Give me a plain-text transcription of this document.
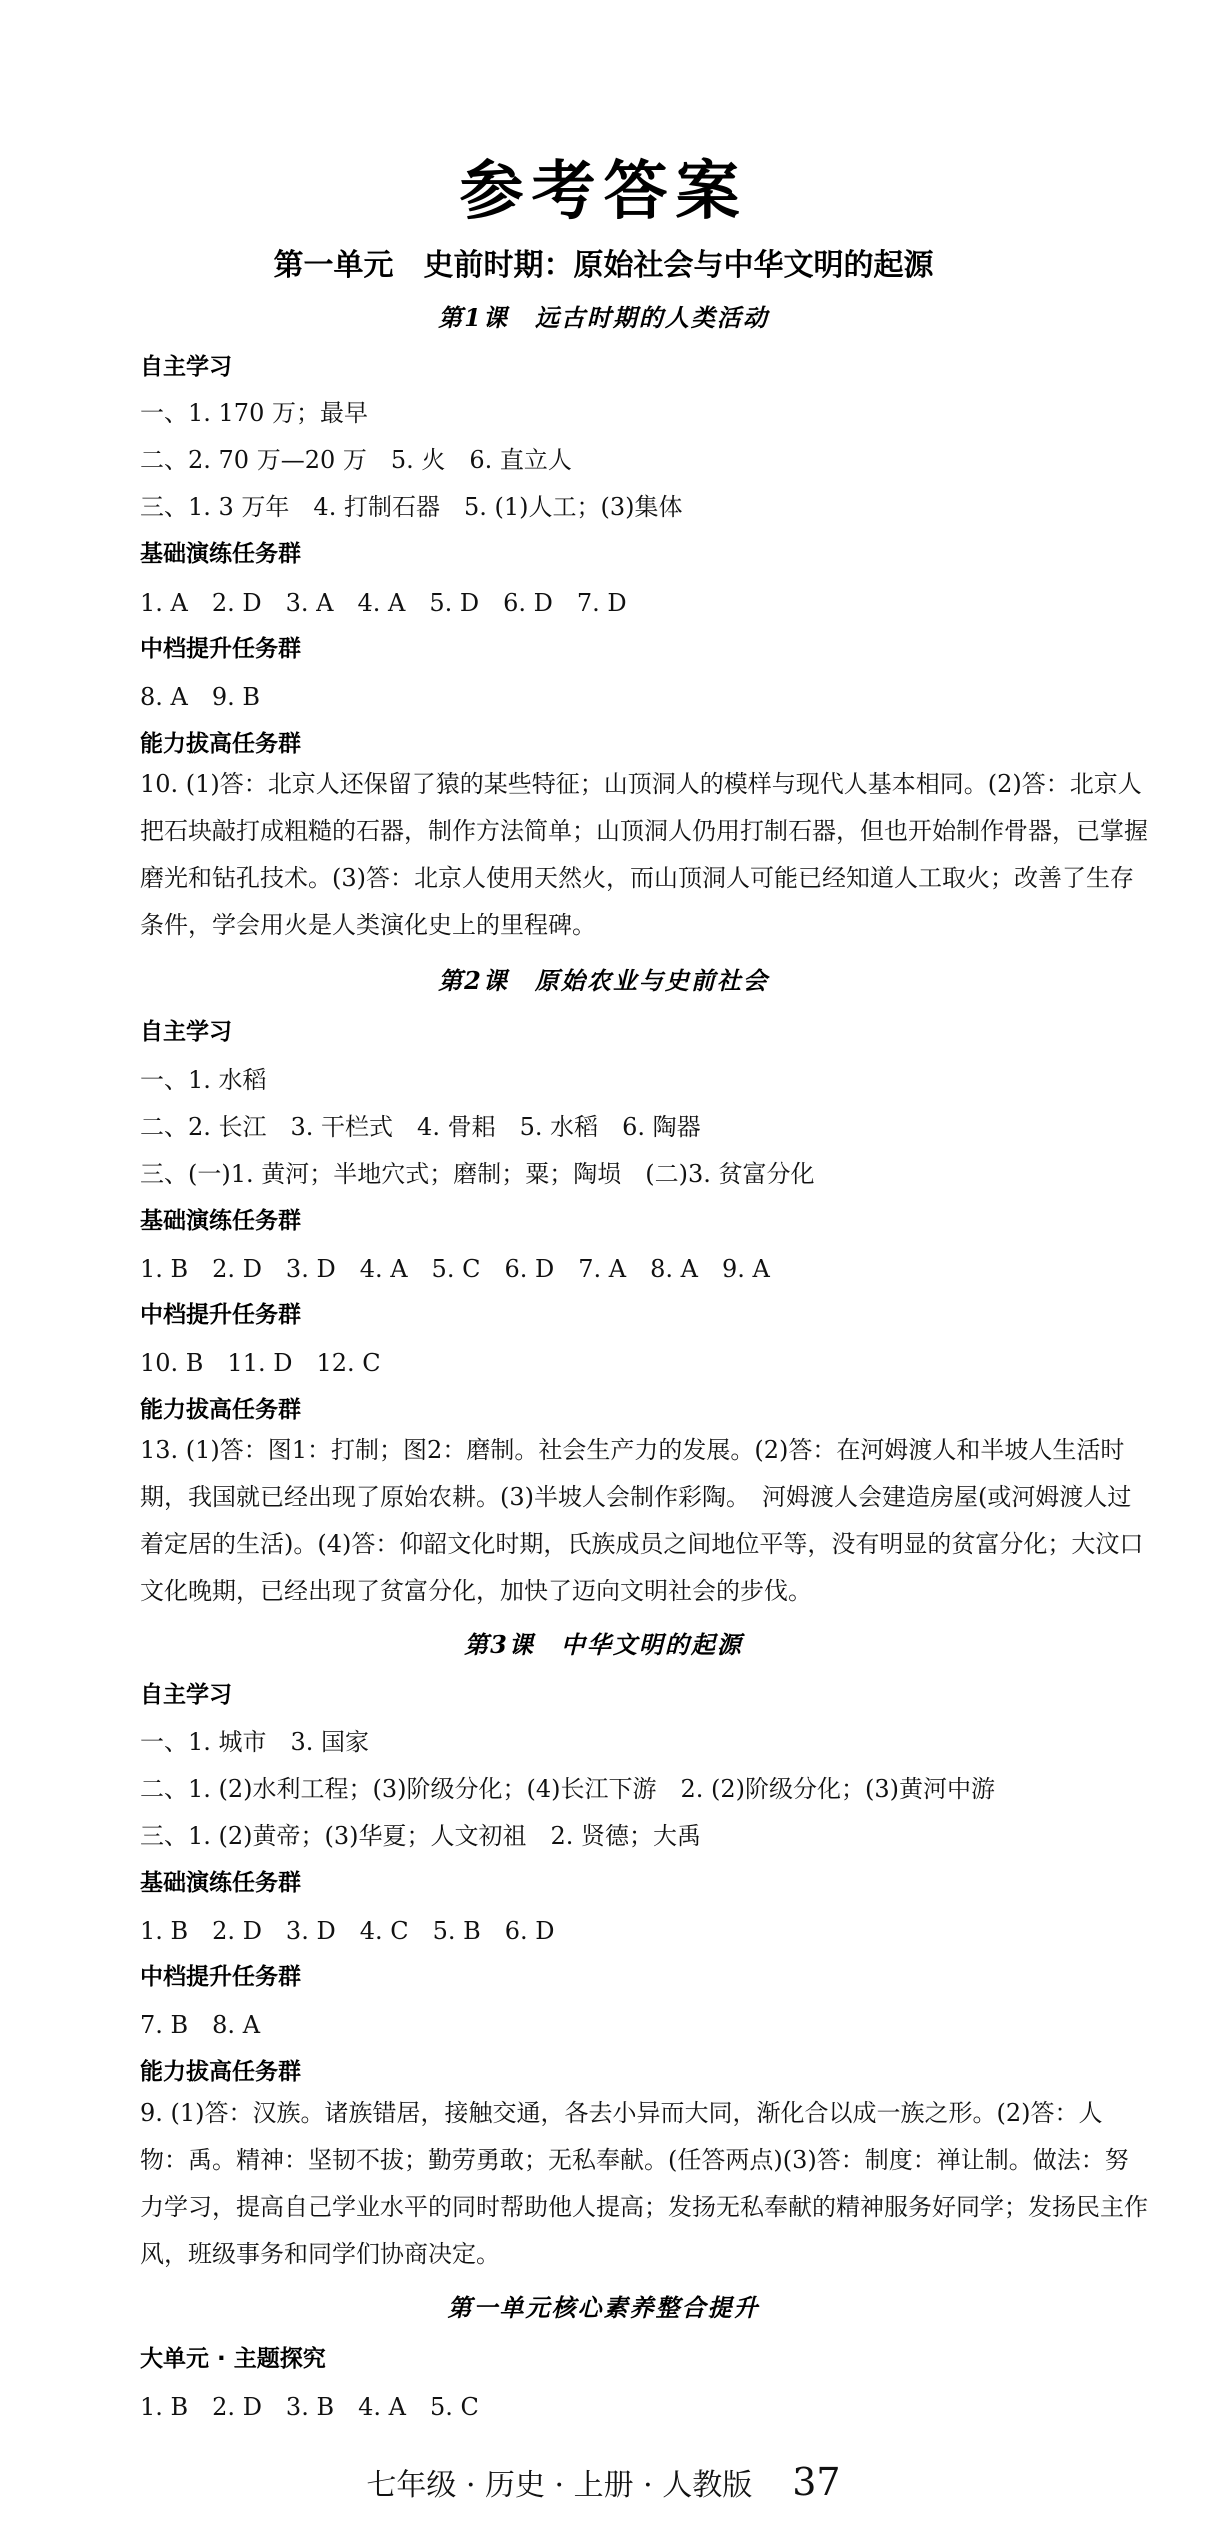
参考答案
第一单元　史前时期：原始社会与中华文明的起源
第1课　远古时期的人类活动
自主学习
一、1. 170 万；最早
二、2. 70 万—20 万　5. 火　6. 直立人
三、1. 3 万年　4. 打制石器　5. (1)人工；(3)集体
基础演练任务群
1. A　2. D　3. A　4. A　5. D　6. D　7. D
中档提升任务群
8. A　9. B
能力拔高任务群
10. (1)答：北京人还保留了猿的某些特征；山顶洞人的模样与现代人基本相同。(2)答：北京人把石块敲打成粗糙的石器，制作方法简单；山顶洞人仍用打制石器，但也开始制作骨器，已掌握磨光和钻孔技术。(3)答：北京人使用天然火，而山顶洞人可能已经知道人工取火；改善了生存条件，学会用火是人类演化史上的里程碑。
第2课　原始农业与史前社会
自主学习
一、1. 水稻
二、2. 长江　3. 干栏式　4. 骨耜　5. 水稻　6. 陶器
三、(一)1. 黄河；半地穴式；磨制；粟；陶埙　(二)3. 贫富分化
基础演练任务群
1. B　2. D　3. D　4. A　5. C　6. D　7. A　8. A　9. A
中档提升任务群
10. B　11. D　12. C
能力拔高任务群
13. (1)答：图1：打制；图2：磨制。社会生产力的发展。(2)答：在河姆渡人和半坡人生活时期，我国就已经出现了原始农耕。(3)半坡人会制作彩陶。　河姆渡人会建造房屋(或河姆渡人过着定居的生活)。(4)答：仰韶文化时期，氏族成员之间地位平等，没有明显的贫富分化；大汶口文化晚期，已经出现了贫富分化，加快了迈向文明社会的步伐。
第3课　中华文明的起源
自主学习
一、1. 城市　3. 国家
二、1. (2)水利工程；(3)阶级分化；(4)长江下游　2. (2)阶级分化；(3)黄河中游
三、1. (2)黄帝；(3)华夏；人文初祖　2. 贤德；大禹
基础演练任务群
1. B　2. D　3. D　4. C　5. B　6. D
中档提升任务群
7. B　8. A
能力拔高任务群
9. (1)答：汉族。诸族错居，接触交通，各去小异而大同，渐化合以成一族之形。(2)答：人物：禹。精神：坚韧不拔；勤劳勇敢；无私奉献。(任答两点)(3)答：制度：禅让制。做法：努力学习，提高自己学业水平的同时帮助他人提高；发扬无私奉献的精神服务好同学；发扬民主作风，班级事务和同学们协商决定。
第一单元核心素养整合提升
大单元 · 主题探究
1. B　2. D　3. B　4. A　5. C
七年级 · 历史 · 上册 · 人教版 37
